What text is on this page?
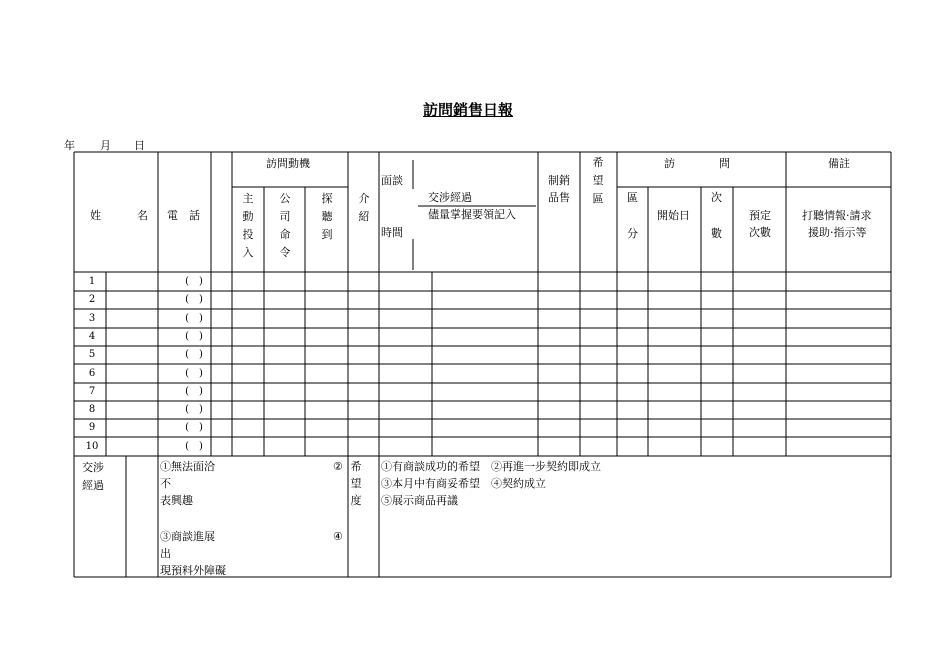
訪問銷售日報
年 月 日
姓	名 電　話
訪問動機
主動投入
公司命令
探聽到
介紹
面談
時間
交涉經過
儘量掌握要領記入
制銷
品售
希望區
訪　　　　問
區
分
開始日
次
數
預定
次數
備註
打聽情報·請求
援助·指示等
1
2
3
4
5
6
7
8
9
10
(　)
(　)
(　)
(　)
(　)
(　)
(　)
(　)
(　)
(　)
交涉經過
①無法面洽
不
表興趣
③商談進展
出
現預料外障礙
②
④
希望度
①有商談成功的希望　②再進一步契約即成立
③本月中有商妥希望　④契約成立
⑤展示商品再議
